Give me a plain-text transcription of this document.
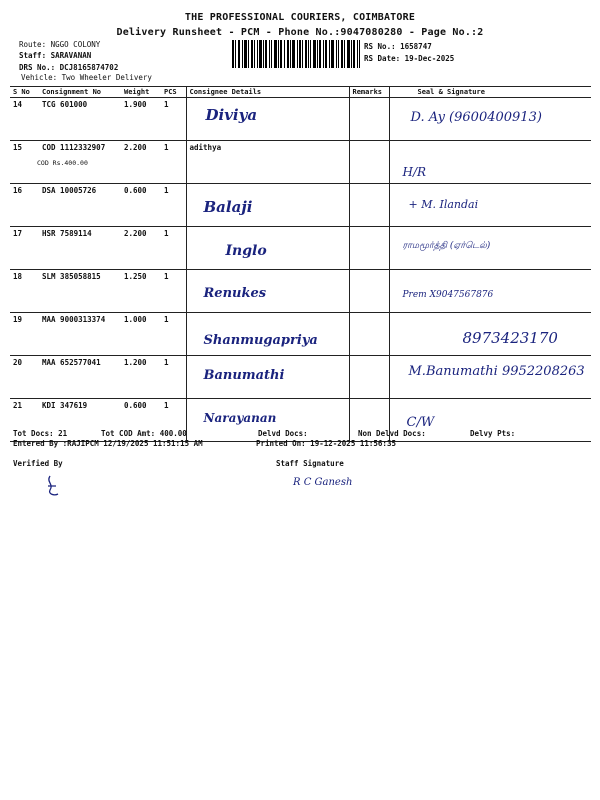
THE PROFESSIONAL COURIERS, COIMBATORE
Delivery Runsheet - PCM - Phone No.:9047080280 - Page No.:2
Route: NGGO COLONY
Staff: SARAVANAN
DRS No.: DCJ8165874702
Vehicle: Two Wheeler Delivery
RS No.: 1658747
RS Date: 19-Dec-2025
S No	Consignment No	Weight	PCS	Consignee Details	Remarks	Seal & Signature
14	TCG 601000	1.900	1	Diviya		D. Ay (9600400913)

15	COD 1112332907
COD Rs.400.00	2.200	1	adithya		H/R

16	DSA 10005726	0.600	1	Balaji		+ M. Ilandai

17	HSR 7589114	2.200	1	Inglo		ராமமூர்த்தி (ஏர்டெல்)

18	SLM 385058815	1.250	1	Renukes		Prem X9047567876

19	MAA 9000313374	1.000	1	Shanmugapriya		8973423170

20	MAA 652577041	1.200	1	Banumathi		M.Banumathi 9952208263

21	KDI 347619	0.600	1	Narayanan		C/W
Tot Docs: 21	Tot COD Amt: 400.00	Delvd Docs:	Non Delvd Docs:	Delvy Pts:
Entered By :RAJIPCM 12/19/2025 11:51:15 AM	Printed On: 19-12-2025 11:56:35
Verified By	Staff Signature
R C Ganesh
